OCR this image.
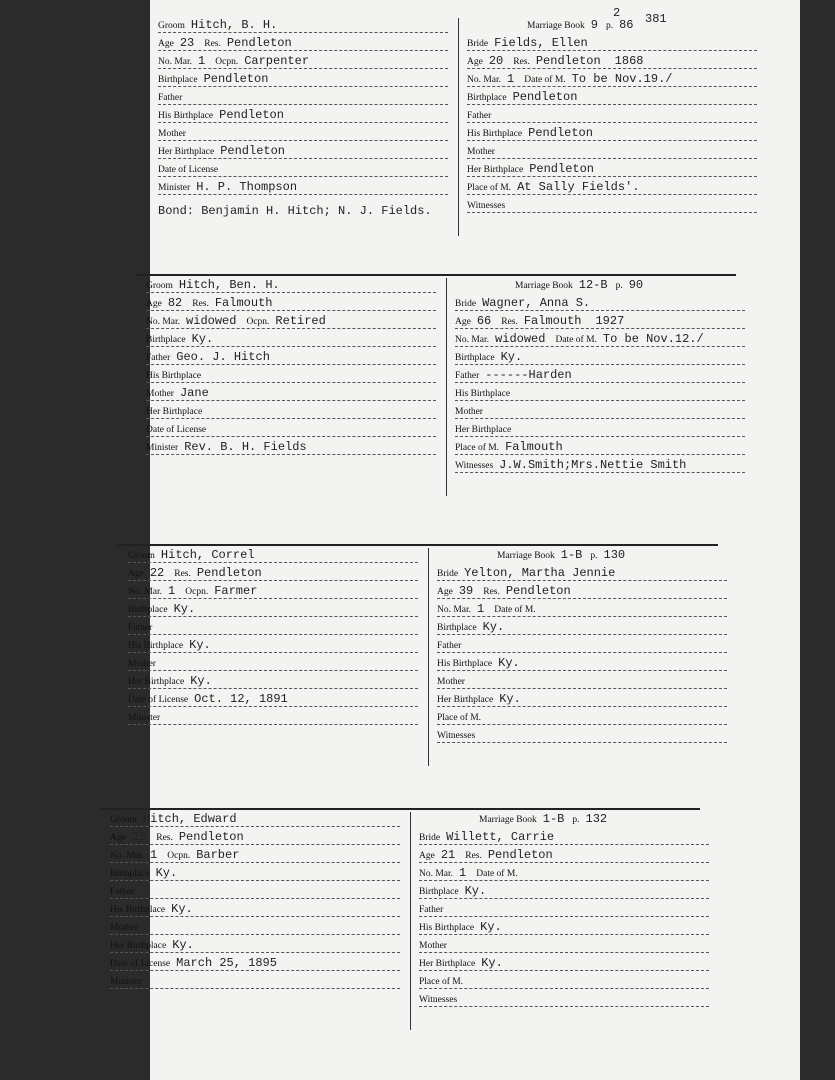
Groom Hitch, B. H.
Age 23 Res. Pendleton
No. Mar. 1 Ocpn. Carpenter
Birthplace Pendleton
Father
His Birthplace Pendleton
Mother
Her Birthplace Pendleton
Date of License
Minister H. P. Thompson
Marriage Book 9 p. 86
2 381
Bride Fields, Ellen
Age 20 Res. Pendleton 1868
No. Mar. 1 Date of M. To be Nov.19./
Birthplace Pendleton
Father
His Birthplace Pendleton
Mother
Her Birthplace Pendleton
Place of M. At Sally Fields'.
Witnesses
Bond: Benjamin H. Hitch; N. J. Fields.
Groom Hitch, Ben. H.
Age 82 Res. Falmouth
No. Mar. widowed Ocpn. Retired
Birthplace Ky.
Father Geo. J. Hitch
His Birthplace
Mother Jane
Her Birthplace
Date of License
Minister Rev. B. H. Fields
Marriage Book 12-B p. 90
Bride Wagner, Anna S.
Age 66 Res. Falmouth 1927
No. Mar. widowed Date of M. To be Nov.12./
Birthplace Ky.
Father ------Harden
His Birthplace
Mother
Her Birthplace
Place of M. Falmouth
Witnesses J.W.Smith;Mrs.Nettie Smith
Groom Hitch, Correl
Age 22 Res. Pendleton
No. Mar. 1 Ocpn. Farmer
Birthplace Ky.
Father
His Birthplace Ky.
Mother
Her Birthplace Ky.
Date of License Oct. 12, 1891
Minister
Marriage Book 1-B p. 130
Bride Yelton, Martha Jennie
Age 39 Res. Pendleton
No. Mar. 1 Date of M.
Birthplace Ky.
Father
His Birthplace Ky.
Mother
Her Birthplace Ky.
Place of M.
Witnesses
Groom Hitch, Edward
Age 25 Res. Pendleton
No. Mar. 1 Ocpn. Barber
Birthplace Ky.
Father
His Birthplace Ky.
Mother
Her Birthplace Ky.
Date of License March 25, 1895
Minister
Marriage Book 1-B p. 132
Bride Willett, Carrie
Age 21 Res. Pendleton
No. Mar. 1 Date of M.
Birthplace Ky.
Father
His Birthplace Ky.
Mother
Her Birthplace Ky.
Place of M.
Witnesses
